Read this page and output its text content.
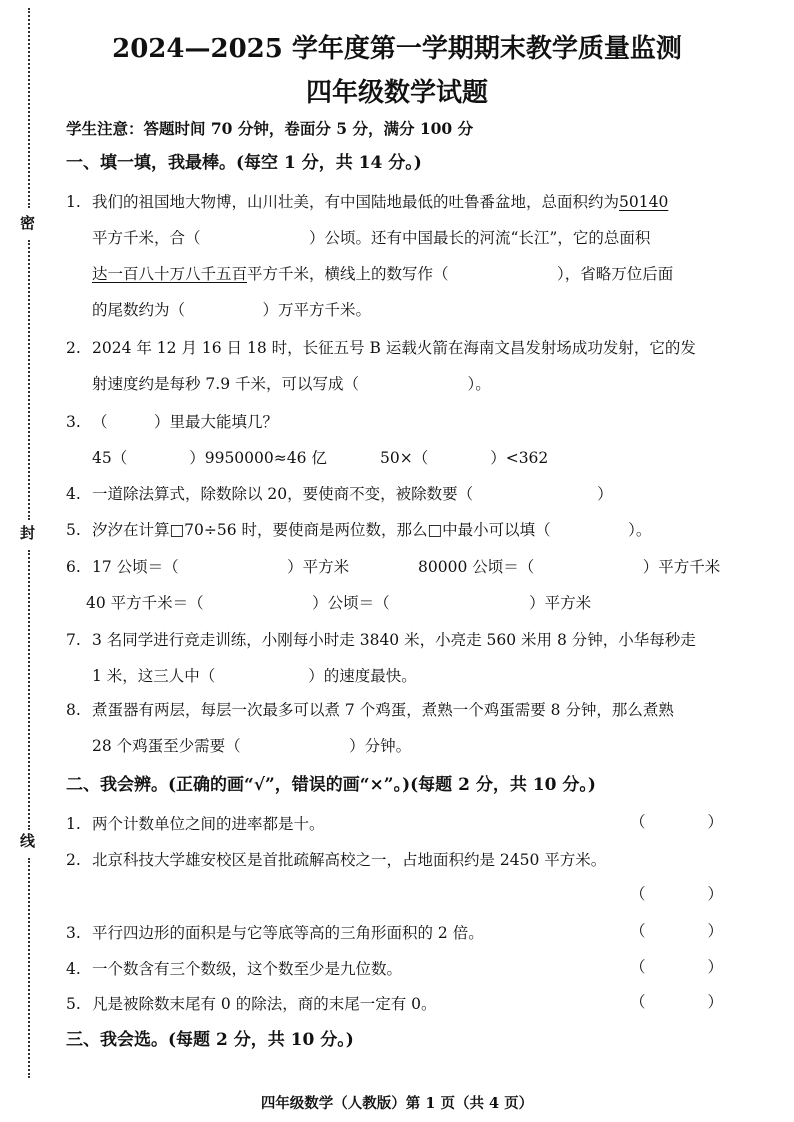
密
封
线
2024—2025 学年度第一学期期末教学质量监测
四年级数学试题
学生注意：答题时间 70 分钟，卷面分 5 分，满分 100 分
一、填一填，我最棒。(每空 1 分，共 14 分。)
1. 我们的祖国地大物博，山川壮美，有中国陆地最低的吐鲁番盆地，总面积约为50140
平方千米，合（　　　　　　　）公顷。还有中国最长的河流“长江”，它的总面积
达一百八十万八千五百平方千米，横线上的数写作（　　　　　　　），省略万位后面
的尾数约为（　　　　　）万平方千米。
2. 2024 年 12 月 16 日 18 时，长征五号 B 运载火箭在海南文昌发射场成功发射，它的发
射速度约是每秒 7.9 千米，可以写成（　　　　　　　）。
3. （　　　）里最大能填几？
45（　　　　）9950000≈46 亿	50×（　　　　）<362
4. 一道除法算式，除数除以 20，要使商不变，被除数要（　　　　　　　　）
5. 汐汐在计算□70÷56 时，要使商是两位数，那么□中最小可以填（　　　　　）。
6. 17 公顷＝（　　　　　　　）平方米	80000 公顷＝（　　　　　　　）平方千米
40 平方千米＝（　　　　　　　）公顷＝（　　　　　　　　　）平方米
7. 3 名同学进行竞走训练，小刚每小时走 3840 米，小亮走 560 米用 8 分钟，小华每秒走
1 米，这三人中（　　　　　　）的速度最快。
8. 煮蛋器有两层，每层一次最多可以煮 7 个鸡蛋，煮熟一个鸡蛋需要 8 分钟，那么煮熟
28 个鸡蛋至少需要（　　　　　　　）分钟。
二、我会辨。(正确的画“√”，错误的画“×”。)(每题 2 分，共 10 分。)
1. 两个计数单位之间的进率都是十。	（　　　　）
2. 北京科技大学雄安校区是首批疏解高校之一，占地面积约是 2450 平方米。
（　　　　）
3. 平行四边形的面积是与它等底等高的三角形面积的 2 倍。	（　　　　）
4. 一个数含有三个数级，这个数至少是九位数。	（　　　　）
5. 凡是被除数末尾有 0 的除法，商的末尾一定有 0。	（　　　　）
三、我会选。(每题 2 分，共 10 分。)
四年级数学（人教版）第 1 页（共 4 页）
